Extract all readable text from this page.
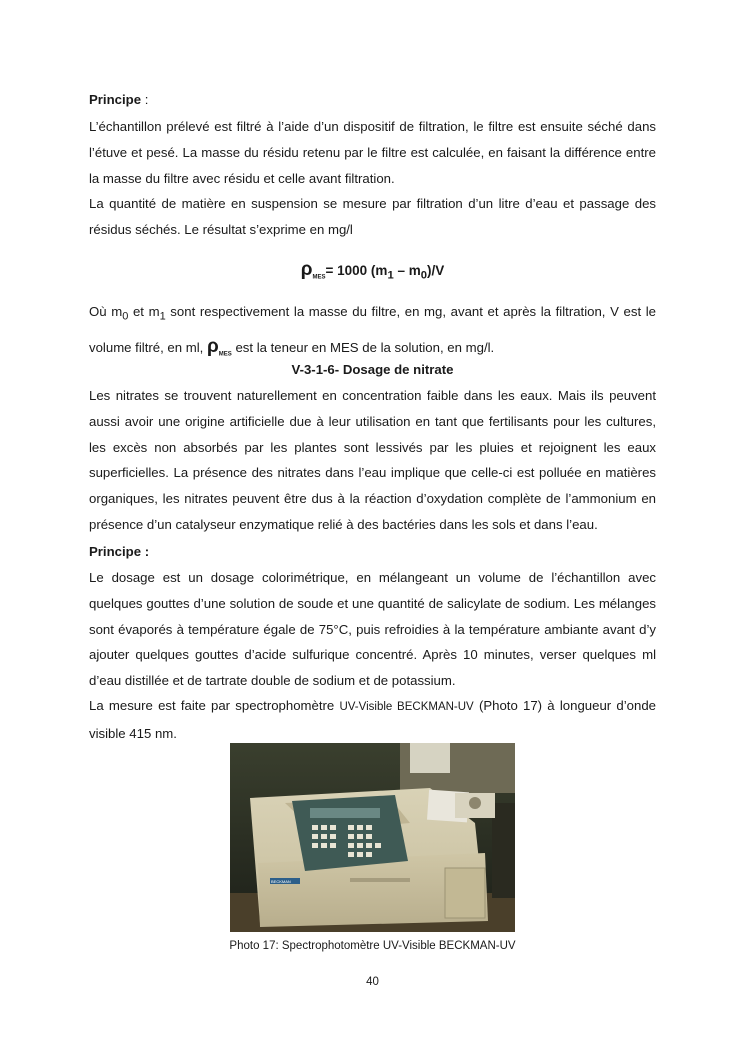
Principe :
L’échantillon prélevé est filtré à l’aide d’un dispositif de filtration, le filtre est ensuite séché dans l’étuve et pesé. La masse du résidu retenu par le filtre est calculée, en faisant la différence entre la masse du filtre avec résidu et celle avant filtration.
La quantité de matière en suspension se mesure par filtration d’un litre d’eau et passage des résidus séchés. Le résultat s’exprime en mg/l
$\rho_{MES}= 1000$ $(m_1 - m_0)/V$
Où $m_0$ et $m_1$ sont respectivement la masse du filtre, en mg, avant et après la filtration, V est le volume filtré, en ml, $\rho_{MES}$ est la teneur en MES de la solution, en mg/l.
V-3-1-6- Dosage de nitrate
Les nitrates se trouvent naturellement en concentration faible dans les eaux. Mais ils peuvent aussi avoir une origine artificielle due à leur utilisation en tant que fertilisants pour les cultures, les excès non absorbés par les plantes sont lessivés par les pluies et rejoignent les eaux superficielles. La présence des nitrates dans l’eau implique que celle-ci est polluée en matières organiques, les nitrates peuvent être dus à la réaction d’oxydation complète de l’ammonium en présence d’un catalyseur enzymatique relié à des bactéries dans les sols et dans l’eau.
Principe :
Le dosage est un dosage colorimétrique, en mélangeant un volume de l’échantillon avec quelques gouttes d’une solution de soude et une quantité de salicylate de sodium. Les mélanges sont évaporés à température égale de 75°C, puis refroidies à la température ambiante avant d’y ajouter quelques gouttes d’acide sulfurique concentré. Après 10 minutes, verser quelques ml d’eau distillée et de tartrate double de sodium et de potassium.
La mesure est faite par spectrophomètre UV-Visible BECKMAN-UV (Photo 17) à longueur d’onde visible 415 nm.
BECKMAN
Photo 17: Spectrophotomètre UV-Visible BECKMAN-UV
40
